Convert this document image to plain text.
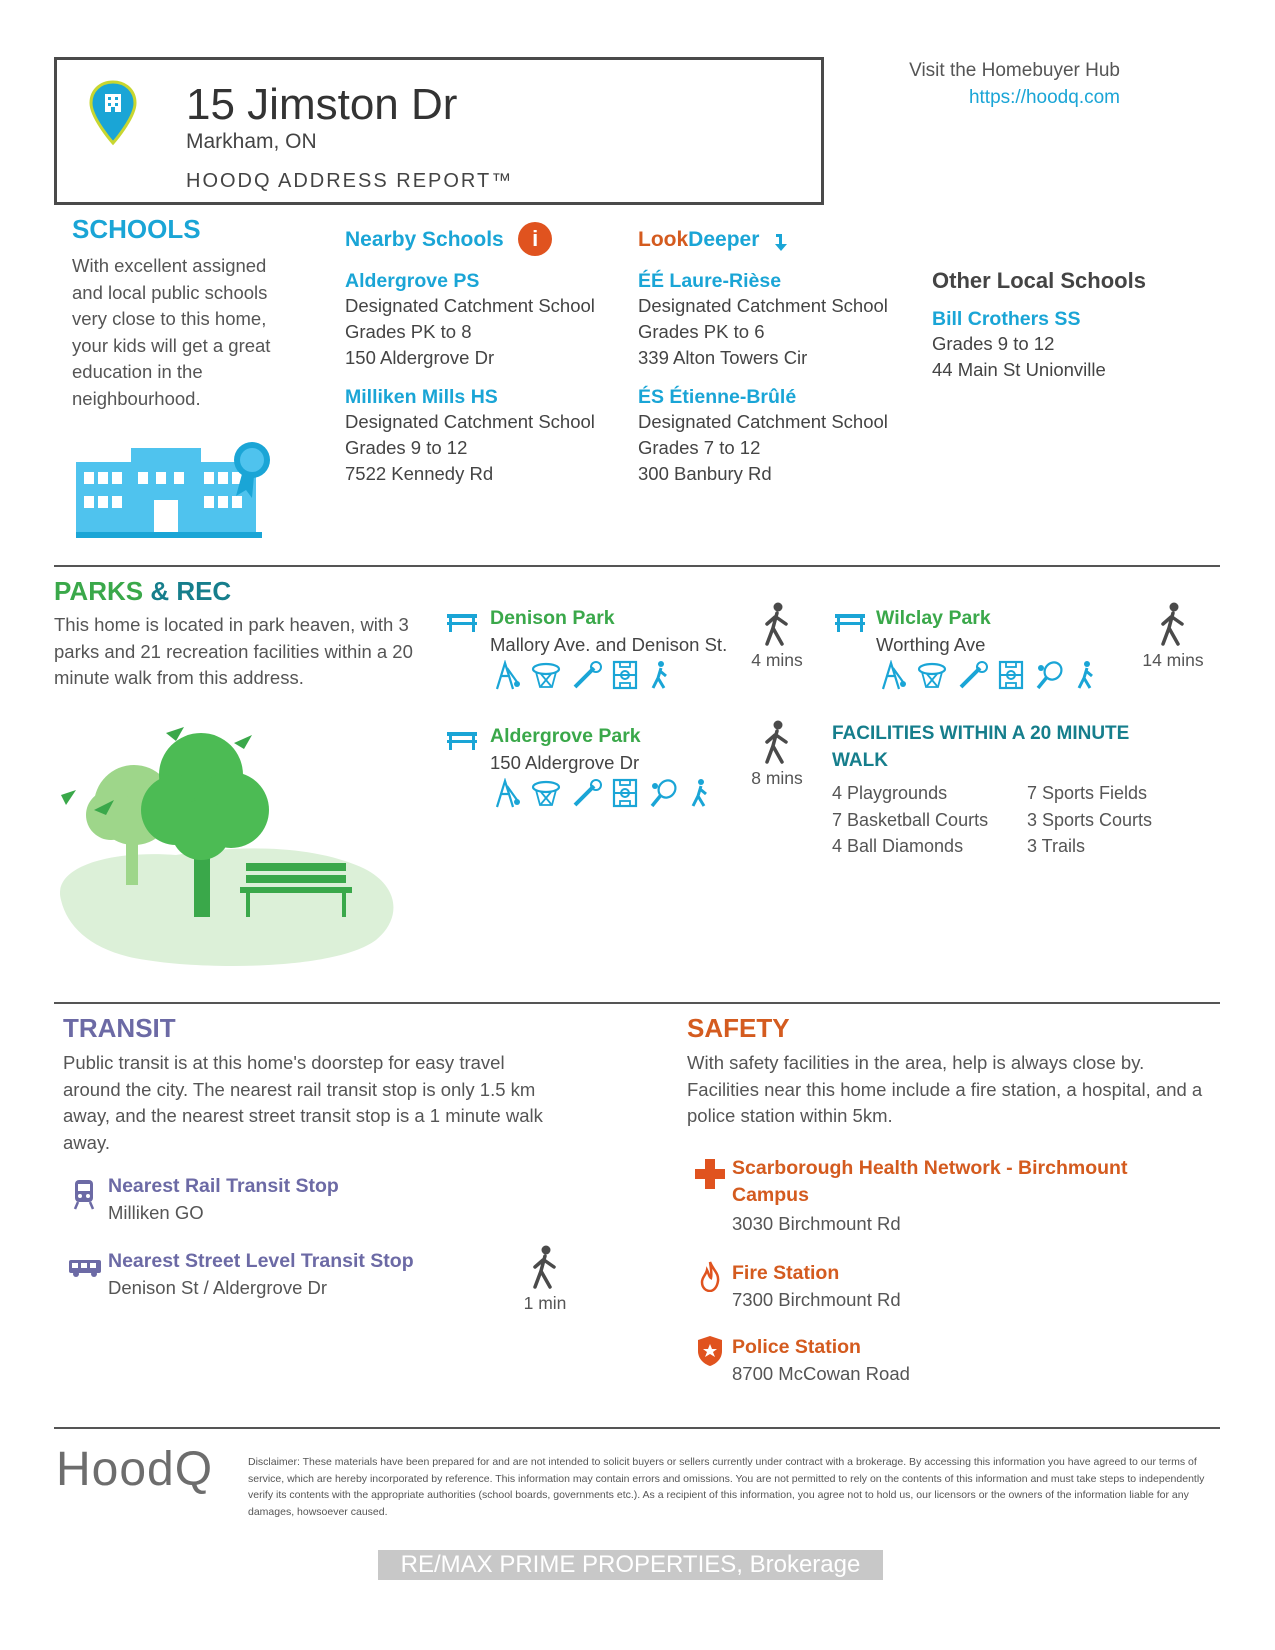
15 Jimston Dr
Markham, ON
HOODQ ADDRESS REPORT™
Visit the Homebuyer Hub
https://hoodq.com
SCHOOLS
With excellent assigned and local public schools very close to this home, your kids will get a great education in the neighbourhood.
Nearby Schools i
Aldergrove PS
Designated Catchment School
Grades PK to 8
150 Aldergrove Dr
Milliken Mills HS
Designated Catchment School
Grades 9 to 12
7522 Kennedy Rd
LookDeeper
ÉÉ Laure-Rièse
Designated Catchment School
Grades PK to 6
339 Alton Towers Cir
ÉS Étienne-Brûlé
Designated Catchment School
Grades 7 to 12
300 Banbury Rd
Other Local Schools
Bill Crothers SS
Grades 9 to 12
44 Main St Unionville
PARKS & REC
This home is located in park heaven, with 3 parks and 21 recreation facilities within a 20 minute walk from this address.
Denison Park
Mallory Ave. and Denison St.

4 mins
Wilclay Park
Worthing Ave

14 mins
Aldergrove Park
150 Aldergrove Dr

8 mins
FACILITIES WITHIN A 20 MINUTE WALK
4 Playgrounds
7 Basketball Courts
4 Ball Diamonds
7 Sports Fields
3 Sports Courts
3 Trails
TRANSIT
Public transit is at this home's doorstep for easy travel around the city. The nearest rail transit stop is only 1.5 km away, and the nearest street transit stop is a 1 minute walk away.
Nearest Rail Transit Stop
Milliken GO
Nearest Street Level Transit Stop
Denison St / Aldergrove Dr
1 min
SAFETY
With safety facilities in the area, help is always close by. Facilities near this home include a fire station, a hospital, and a police station within 5km.
Scarborough Health Network - Birchmount Campus
3030 Birchmount Rd
Fire Station
7300 Birchmount Rd
Police Station
8700 McCowan Road
HoodQ	Disclaimer: These materials have been prepared for and are not intended to solicit buyers or sellers currently under contract with a brokerage. By accessing this information you have agreed to our terms of service, which are hereby incorporated by reference. This information may contain errors and omissions. You are not permitted to rely on the contents of this information and must take steps to independently verify its contents with the appropriate authorities (school boards, governments etc.). As a recipient of this information, you agree not to hold us, our licensors or the owners of the information liable for any damages, howsoever caused.
RE/MAX PRIME PROPERTIES, Brokerage
